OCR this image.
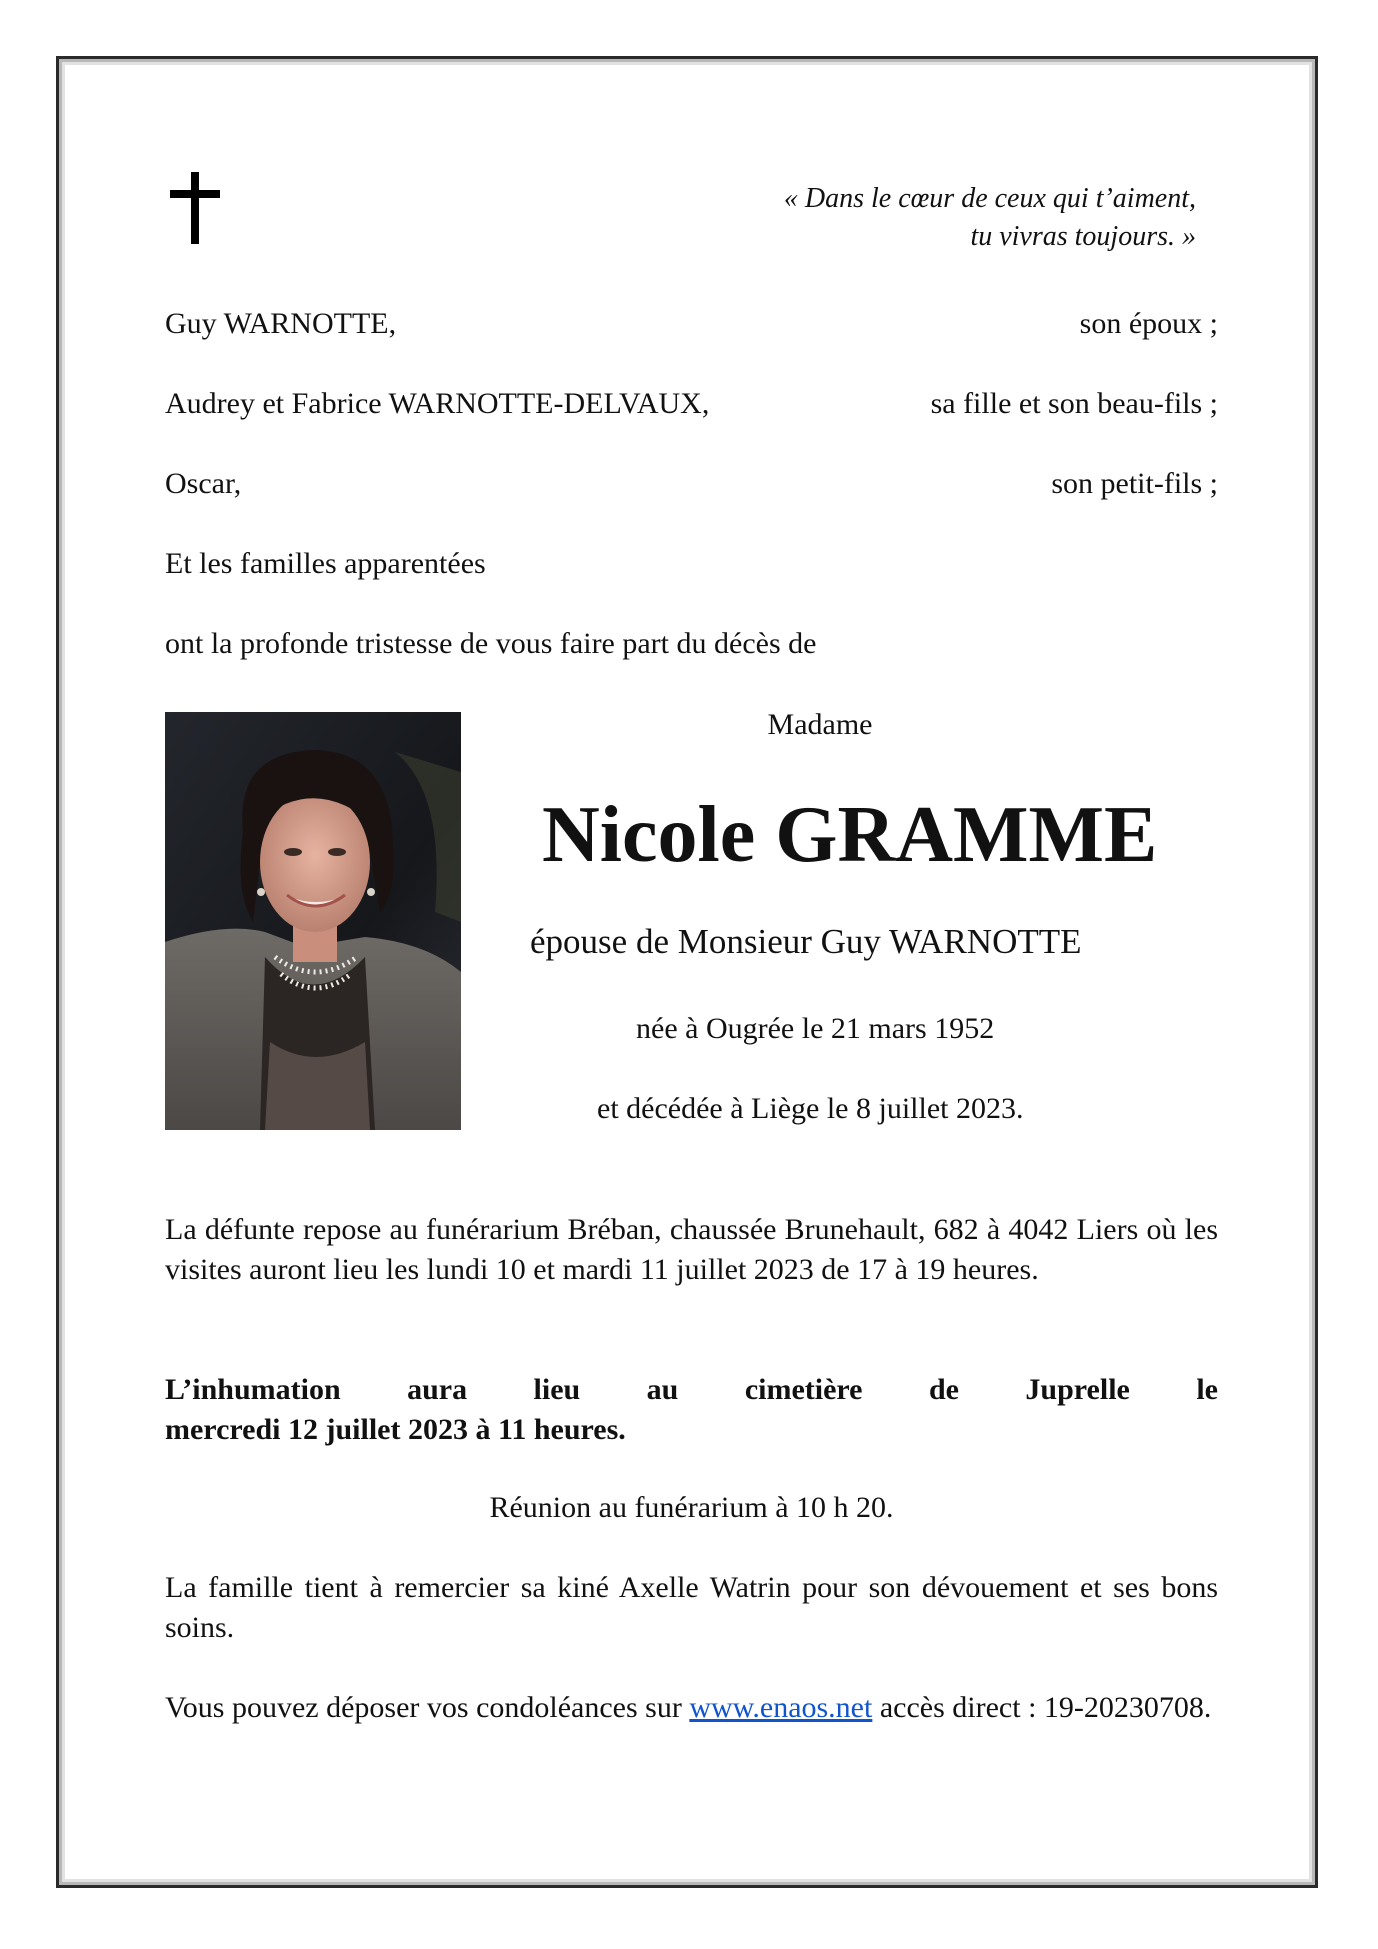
« Dans le cœur de ceux qui t’aiment,
tu vivras toujours. »
Guy WARNOTTE,	son époux ;
Audrey et Fabrice WARNOTTE-DELVAUX,	sa fille et son beau-fils ;
Oscar,	son petit-fils ;
Et les familles apparentées
ont la profonde tristesse de vous faire part du décès de
Madame
Nicole GRAMME
épouse de Monsieur Guy WARNOTTE
née à Ougrée le 21 mars 1952
et décédée à Liège le 8 juillet 2023.
La défunte repose au funérarium Bréban, chaussée Brunehault, 682 à 4042 Liers où les visites auront lieu les lundi 10 et mardi 11 juillet 2023 de 17 à 19 heures.
L’inhumation aura lieu au cimetière de Juprelle le
mercredi 12 juillet 2023 à 11 heures.
Réunion au funérarium à 10 h 20.
La famille tient à remercier sa kiné Axelle Watrin pour son dévouement et ses bons soins.
Vous pouvez déposer vos condoléances sur www.enaos.net accès direct : 19-20230708.
